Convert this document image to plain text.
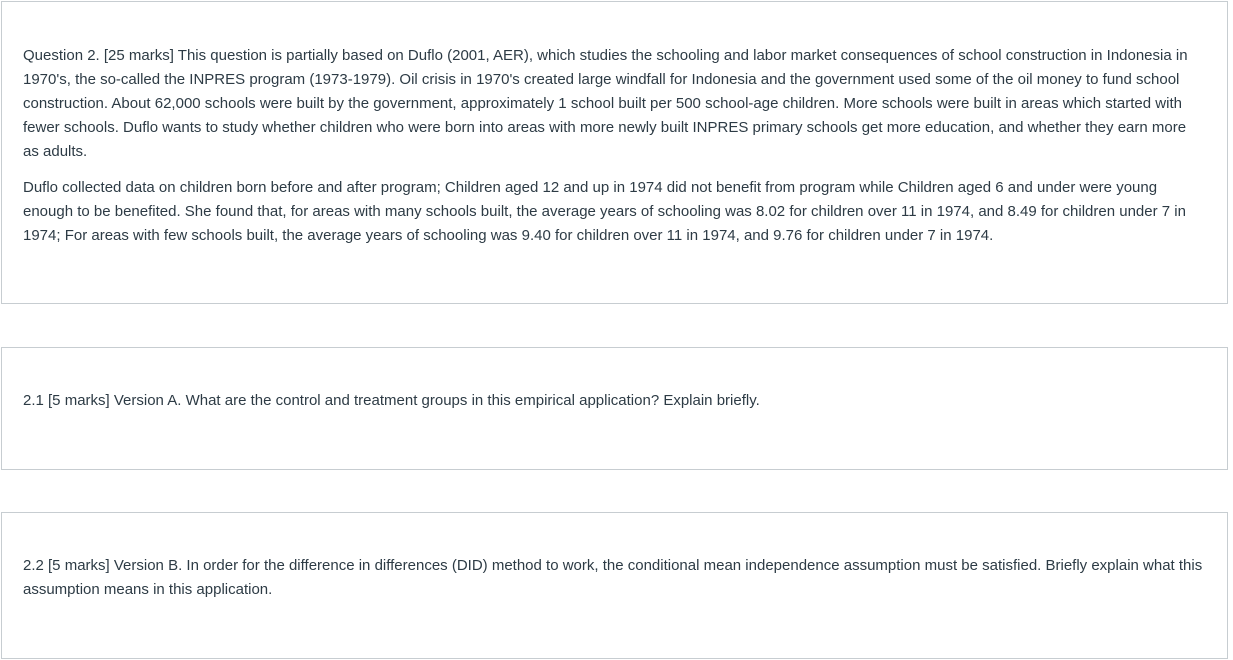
Question 2. [25 marks] This question is partially based on Duflo (2001, AER), which studies the schooling and labor market consequences of school construction in Indonesia in 1970's, the so-called the INPRES program (1973-1979). Oil crisis in 1970's created large windfall for Indonesia and the government used some of the oil money to fund school construction. About 62,000 schools were built by the government, approximately 1 school built per 500 school-age children. More schools were built in areas which started with fewer schools. Duflo wants to study whether children who were born into areas with more newly built INPRES primary schools get more education, and whether they earn more as adults.

Duflo collected data on children born before and after program; Children aged 12 and up in 1974 did not benefit from program while Children aged 6 and under were young enough to be benefited. She found that, for areas with many schools built, the average years of schooling was 8.02 for children over 11 in 1974, and 8.49 for children under 7 in 1974; For areas with few schools built, the average years of schooling was 9.40 for children over 11 in 1974, and 9.76 for children under 7 in 1974.

2.1 [5 marks] Version A. What are the control and treatment groups in this empirical application? Explain briefly.

2.2 [5 marks] Version B. In order for the difference in differences (DID) method to work, the conditional mean independence assumption must be satisfied. Briefly explain what this assumption means in this application.
